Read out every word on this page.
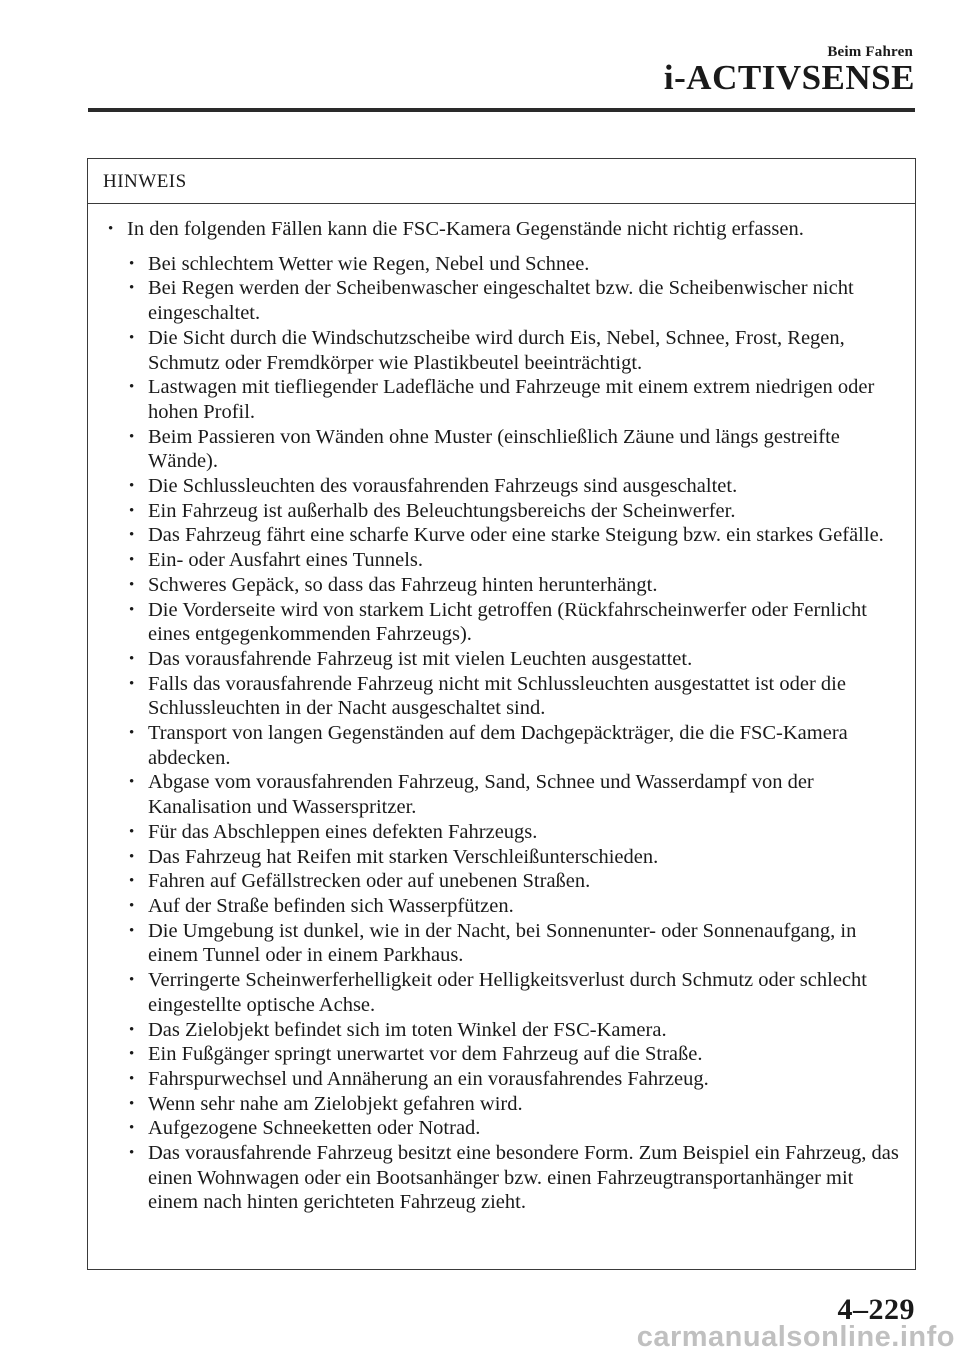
Beim Fahren
i-ACTIVSENSE
HINWEIS
• In den folgenden Fällen kann die FSC-Kamera Gegenstände nicht richtig erfassen.
• Bei schlechtem Wetter wie Regen, Nebel und Schnee.
• Bei Regen werden der Scheibenwascher eingeschaltet bzw. die Scheibenwischer nicht eingeschaltet.
• Die Sicht durch die Windschutzscheibe wird durch Eis, Nebel, Schnee, Frost, Regen, Schmutz oder Fremdkörper wie Plastikbeutel beeinträchtigt.
• Lastwagen mit tiefliegender Ladefläche und Fahrzeuge mit einem extrem niedrigen oder hohen Profil.
• Beim Passieren von Wänden ohne Muster (einschließlich Zäune und längs gestreifte Wände).
• Die Schlussleuchten des vorausfahrenden Fahrzeugs sind ausgeschaltet.
• Ein Fahrzeug ist außerhalb des Beleuchtungsbereichs der Scheinwerfer.
• Das Fahrzeug fährt eine scharfe Kurve oder eine starke Steigung bzw. ein starkes Gefälle.
• Ein- oder Ausfahrt eines Tunnels.
• Schweres Gepäck, so dass das Fahrzeug hinten herunterhängt.
• Die Vorderseite wird von starkem Licht getroffen (Rückfahrscheinwerfer oder Fernlicht eines entgegenkommenden Fahrzeugs).
• Das vorausfahrende Fahrzeug ist mit vielen Leuchten ausgestattet.
• Falls das vorausfahrende Fahrzeug nicht mit Schlussleuchten ausgestattet ist oder die Schlussleuchten in der Nacht ausgeschaltet sind.
• Transport von langen Gegenständen auf dem Dachgepäckträger, die die FSC-Kamera abdecken.
• Abgase vom vorausfahrenden Fahrzeug, Sand, Schnee und Wasserdampf von der Kanalisation und Wasserspritzer.
• Für das Abschleppen eines defekten Fahrzeugs.
• Das Fahrzeug hat Reifen mit starken Verschleißunterschieden.
• Fahren auf Gefällstrecken oder auf unebenen Straßen.
• Auf der Straße befinden sich Wasserpfützen.
• Die Umgebung ist dunkel, wie in der Nacht, bei Sonnenunter- oder Sonnenaufgang, in einem Tunnel oder in einem Parkhaus.
• Verringerte Scheinwerferhelligkeit oder Helligkeitsverlust durch Schmutz oder schlecht eingestellte optische Achse.
• Das Zielobjekt befindet sich im toten Winkel der FSC-Kamera.
• Ein Fußgänger springt unerwartet vor dem Fahrzeug auf die Straße.
• Fahrspurwechsel und Annäherung an ein vorausfahrendes Fahrzeug.
• Wenn sehr nahe am Zielobjekt gefahren wird.
• Aufgezogene Schneeketten oder Notrad.
• Das vorausfahrende Fahrzeug besitzt eine besondere Form. Zum Beispiel ein Fahrzeug, das einen Wohnwagen oder ein Bootsanhänger bzw. einen Fahrzeugtransportanhänger mit einem nach hinten gerichteten Fahrzeug zieht.
4–229
carmanualsonline.info
